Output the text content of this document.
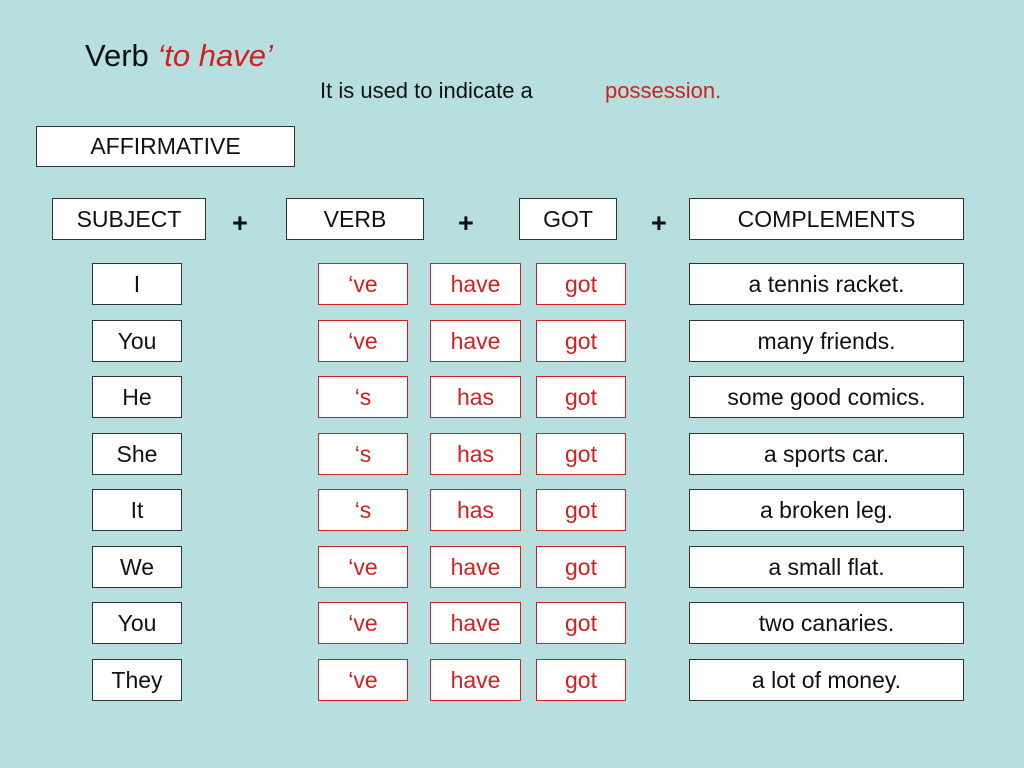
Verb ‘to have’
It is used to indicate a	possession.
AFFIRMATIVE
SUBJECT	+	VERB	+	GOT	+	COMPLEMENTS
I	‘ve	have	got	a tennis racket.
You	‘ve	have	got	many friends.
He	‘s	has	got	some good comics.
She	‘s	has	got	a sports car.
It	‘s	has	got	a broken leg.
We	‘ve	have	got	a small flat.
You	‘ve	have	got	two canaries.
They	‘ve	have	got	a lot of money.
